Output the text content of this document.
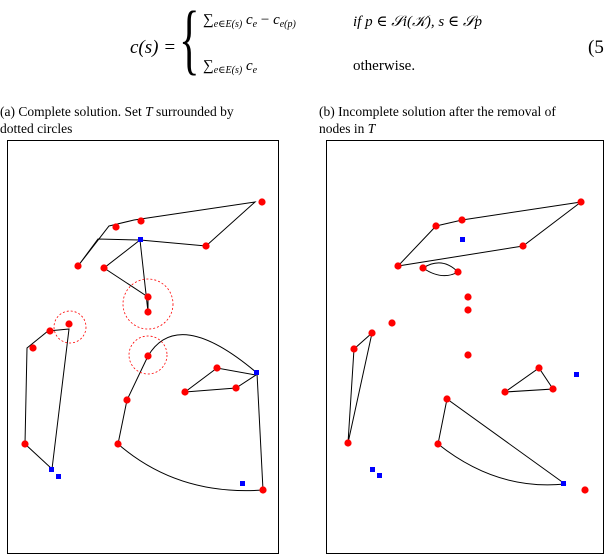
c(s) = { $\sum_{e\in E(s)}$ $c_e - c_{e(p)}$	if p ∈ 𝒮i(𝒦), s ∈ 𝒮p
$\sum_{e\in E(s)}$ $c_e$	otherwise.
(5
(a) Complete solution. Set T surrounded by
dotted circles
(b) Incomplete solution after the removal of
nodes in T
